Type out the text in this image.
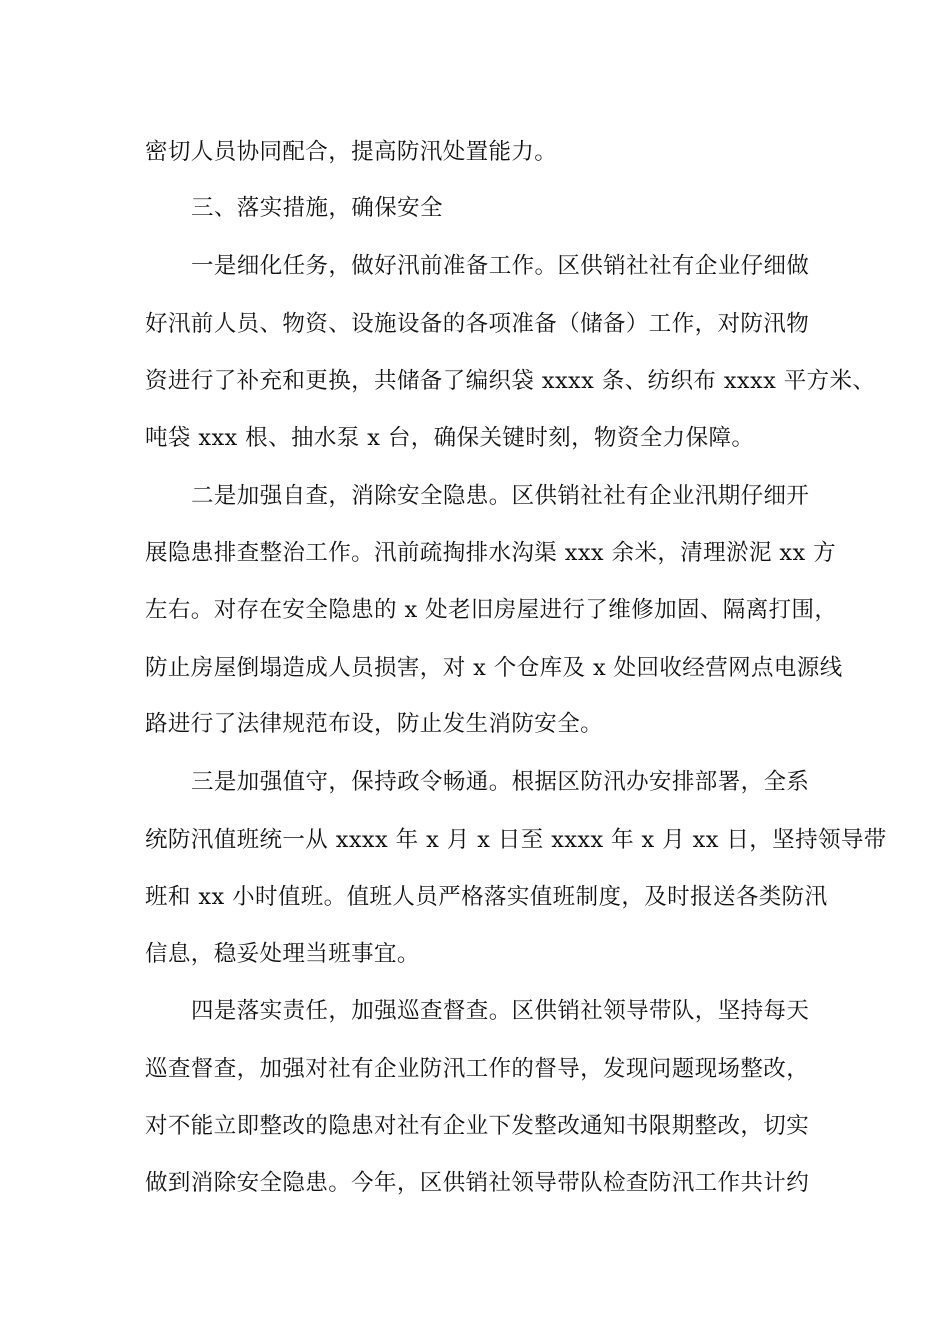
密切人员协同配合，提高防汛处置能力。
三、落实措施，确保安全
一是细化任务，做好汛前准备工作。区供销社社有企业仔细做
好汛前人员、物资、设施设备的各项准备（储备）工作，对防汛物
资进行了补充和更换，共储备了编织袋 xxxx 条、纺织布 xxxx 平方米、
吨袋 xxx 根、抽水泵 x 台，确保关键时刻，物资全力保障。
二是加强自查，消除安全隐患。区供销社社有企业汛期仔细开
展隐患排查整治工作。汛前疏掏排水沟渠 xxx 余米，清理淤泥 xx 方
左右。对存在安全隐患的 x 处老旧房屋进行了维修加固、隔离打围，
防止房屋倒塌造成人员损害，对 x 个仓库及 x 处回收经营网点电源线
路进行了法律规范布设，防止发生消防安全。
三是加强值守，保持政令畅通。根据区防汛办安排部署，全系
统防汛值班统一从 xxxx 年 x 月 x 日至 xxxx 年 x 月 xx 日，坚持领导带
班和 xx 小时值班。值班人员严格落实值班制度，及时报送各类防汛
信息，稳妥处理当班事宜。
四是落实责任，加强巡查督查。区供销社领导带队，坚持每天
巡查督查，加强对社有企业防汛工作的督导，发现问题现场整改，
对不能立即整改的隐患对社有企业下发整改通知书限期整改，切实
做到消除安全隐患。今年，区供销社领导带队检查防汛工作共计约
